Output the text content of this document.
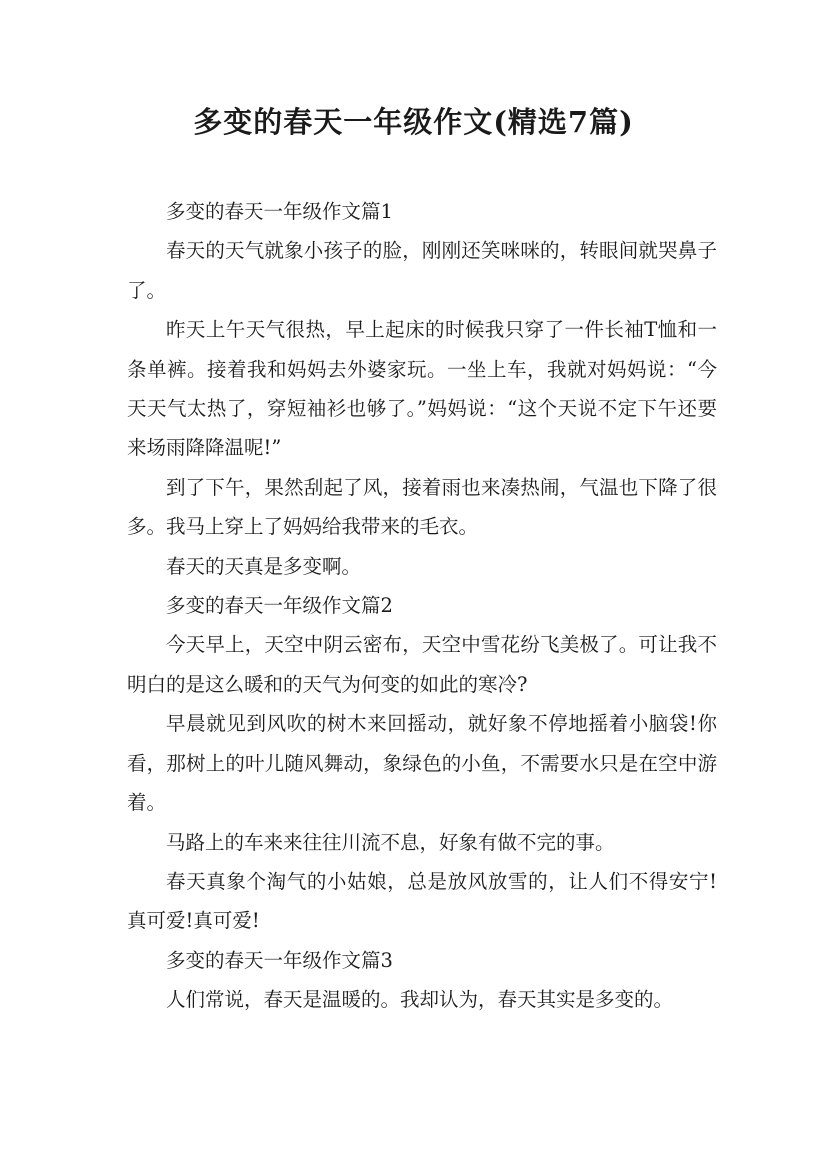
多变的春天一年级作文(精选7篇)

多变的春天一年级作文篇1

春天的天气就象小孩子的脸，刚刚还笑咪咪的，转眼间就哭鼻子了。

昨天上午天气很热，早上起床的时候我只穿了一件长袖T恤和一条单裤。接着我和妈妈去外婆家玩。一坐上车，我就对妈妈说：“今天天气太热了，穿短袖衫也够了。”妈妈说：“这个天说不定下午还要来场雨降降温呢!”

到了下午，果然刮起了风，接着雨也来凑热闹，气温也下降了很多。我马上穿上了妈妈给我带来的毛衣。

春天的天真是多变啊。

多变的春天一年级作文篇2

今天早上，天空中阴云密布，天空中雪花纷飞美极了。可让我不明白的是这么暖和的天气为何变的如此的寒冷?

早晨就见到风吹的树木来回摇动，就好象不停地摇着小脑袋!你看，那树上的叶儿随风舞动，象绿色的小鱼，不需要水只是在空中游着。

马路上的车来来往往川流不息，好象有做不完的事。

春天真象个淘气的小姑娘，总是放风放雪的，让人们不得安宁!真可爱!真可爱!

多变的春天一年级作文篇3

人们常说，春天是温暖的。我却认为，春天其实是多变的。
